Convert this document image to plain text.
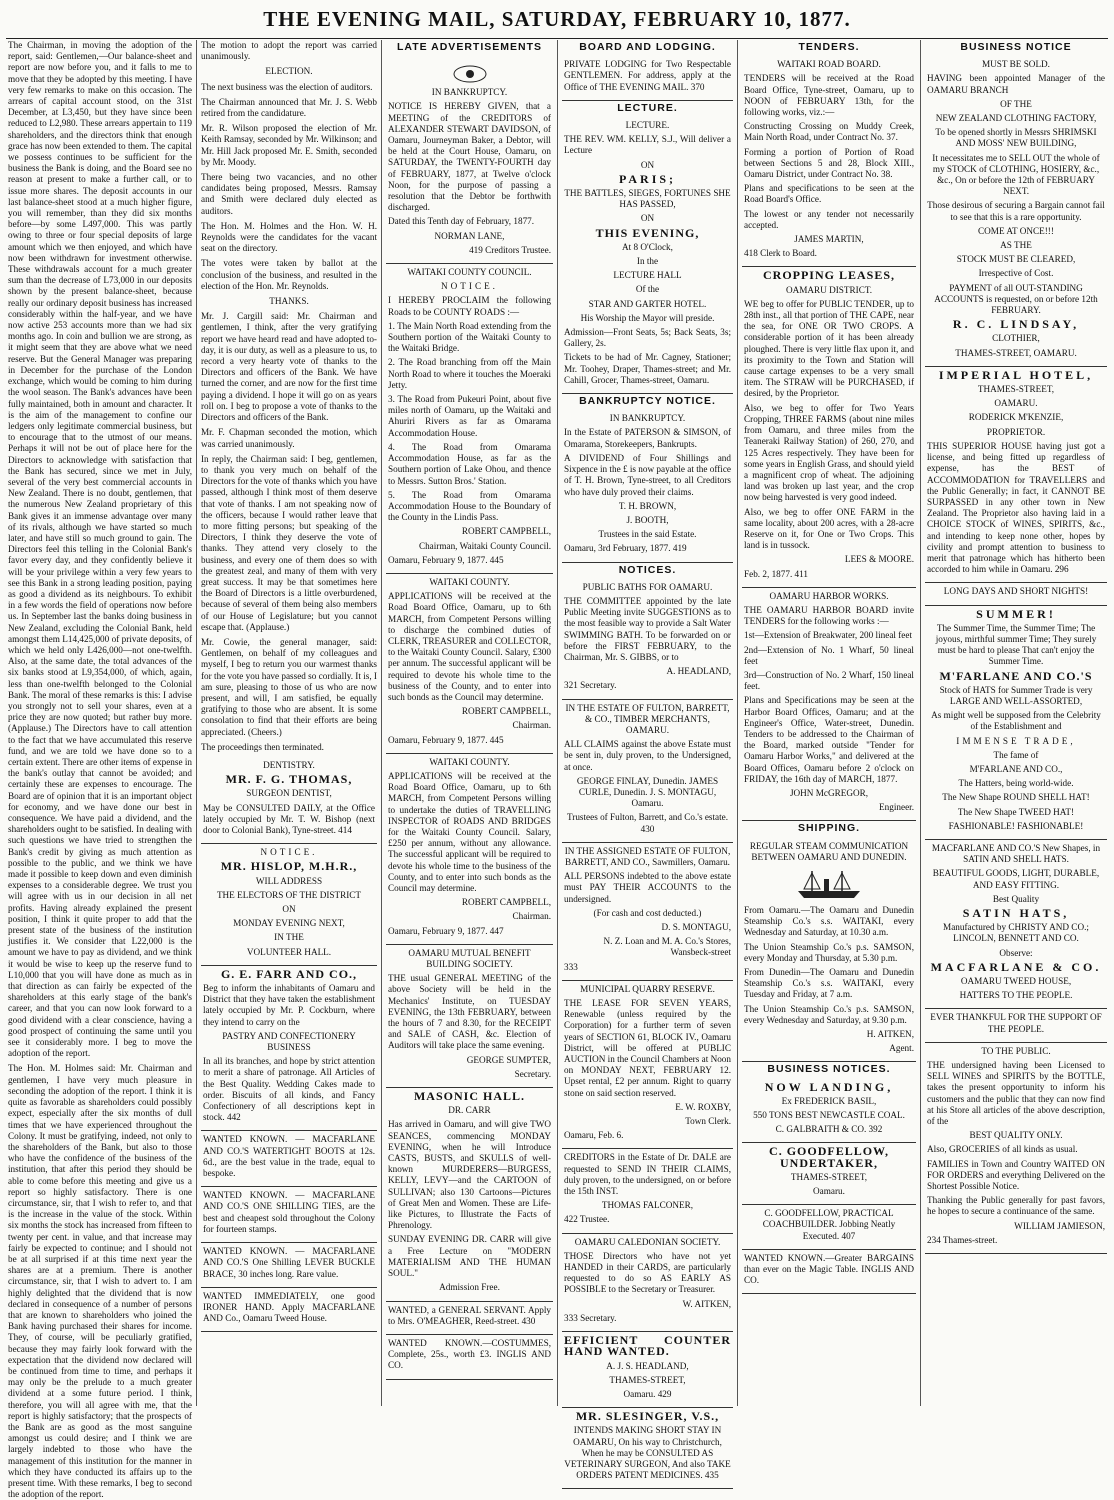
THE EVENING MAIL, SATURDAY, FEBRUARY 10, 1877.

The Chairman, in moving the adoption of the report, said: Gentlemen,—Our balance-sheet and report are now before you, and it falls to me to move that they be adopted by this meeting. I have very few remarks to make on this occasion. The arrears of capital account stood, on the 31st December, at L3,450, but they have since been reduced to L2,980. These arrears appertain to 119 shareholders, and the directors think that enough grace has now been extended to them. The capital we possess continues to be sufficient for the business the Bank is doing, and the Board see no reason at present to make a further call, or to issue more shares. The deposit accounts in our last balance-sheet stood at a much higher figure, you will remember, than they did six months before—by some L497,000. This was partly owing to three or four special deposits of large amount which we then enjoyed, and which have now been withdrawn for investment otherwise. These withdrawals account for a much greater sum than the decrease of L73,000 in our deposits shown by the present balance-sheet, because really our ordinary deposit business has increased considerably within the half-year, and we have now active 253 accounts more than we had six months ago. In coin and bullion we are strong, as it might seem that they are above what we need reserve. But the General Manager was preparing in December for the purchase of the London exchange, which would be coming to him during the wool season. The Bank's advances have been fully maintained, both in amount and character. It is the aim of the management to confine our ledgers only legitimate commercial business, but to encourage that to the utmost of our means. Perhaps it will not be out of place here for the Directors to acknowledge with satisfaction that the Bank has secured, since we met in July, several of the very best commercial accounts in New Zealand. There is no doubt, gentlemen, that the numerous New Zealand proprietary of this Bank gives it an immense advantage over many of its rivals, although we have started so much later, and have still so much ground to gain. The Directors feel this telling in the Colonial Bank's favor every day, and they confidently believe it will be your privilege within a very few years to see this Bank in a strong leading position, paying as good a dividend as its neighbours. To exhibit in a few words the field of operations now before us. In September last the banks doing business in New Zealand, excluding the Colonial Bank, held amongst them L14,425,000 of private deposits, of which we held only L426,000—not one-twelfth. Also, at the same date, the total advances of the six banks stood at L9,354,000, of which, again, less than one-twelfth belonged to the Colonial Bank. The moral of these remarks is this: I advise you strongly not to sell your shares, even at a price they are now quoted; but rather buy more. (Applause.) The Directors have to call attention to the fact that we have accumulated this reserve fund, and we are told we have done so to a certain extent. There are other items of expense in the bank's outlay that cannot be avoided; and certainly these are expenses to encourage. The Board are of opinion that it is an important object for economy, and we have done our best in consequence. We have paid a dividend, and the shareholders ought to be satisfied. In dealing with such questions we have tried to strengthen the Bank's credit by giving as much attention as possible to the public, and we think we have made it possible to keep down and even diminish expenses to a considerable degree. We trust you will agree with us in our decision in all net profits. Having already explained the present position, I think it quite proper to add that the present state of the business of the institution justifies it. We consider that L22,000 is the amount we have to pay as dividend, and we think it would be wise to keep up the reserve fund to L10,000 that you will have done as much as in that direction as can fairly be expected of the shareholders at this early stage of the bank's career, and that you can now look forward to a good dividend with a clear conscience, having a good prospect of continuing the same until you see it considerably more. I beg to move the adoption of the report.

The Hon. M. Holmes said: Mr. Chairman and gentlemen, I have very much pleasure in seconding the adoption of the report. I think it is quite as favorable as shareholders could possibly expect, especially after the six months of dull times that we have experienced throughout the Colony. It must be gratifying, indeed, not only to the shareholders of the Bank, but also to those who have the confidence of the business of the institution, that after this period they should be able to come before this meeting and give us a report so highly satisfactory. There is one circumstance, sir, that I wish to refer to, and that is the increase in the value of the stock. Within six months the stock has increased from fifteen to twenty per cent. in value, and that increase may fairly be expected to continue; and I should not be at all surprised if at this time next year the shares are at a premium. There is another circumstance, sir, that I wish to advert to. I am highly delighted that the dividend that is now declared in consequence of a number of persons that are known to shareholders who joined the Bank having purchased their shares for income. They, of course, will be peculiarly gratified, because they may fairly look forward with the expectation that the dividend now declared will be continued from time to time, and perhaps it may only be the prelude to a much greater dividend at a some future period. I think, therefore, you will all agree with me, that the report is highly satisfactory; that the prospects of the Bank are as good as the most sanguine amongst us could desire; and I think we are largely indebted to those who have the management of this institution for the manner in which they have conducted its affairs up to the present time. With these remarks, I beg to second the adoption of the report.

The motion to adopt the report was carried unanimously.

ELECTION.

The next business was the election of auditors.

The Chairman announced that Mr. J. S. Webb retired from the candidature.

Mr. R. Wilson proposed the election of Mr. Keith Ramsay, seconded by Mr. Wilkinson; and Mr. Hill Jack proposed Mr. E. Smith, seconded by Mr. Moody.

There being two vacancies, and no other candidates being proposed, Messrs. Ramsay and Smith were declared duly elected as auditors.

The Hon. M. Holmes and the Hon. W. H. Reynolds were the candidates for the vacant seat on the directory.

The votes were taken by ballot at the conclusion of the business, and resulted in the election of the Hon. Mr. Reynolds.

THANKS.

Mr. J. Cargill said: Mr. Chairman and gentlemen, I think, after the very gratifying report we have heard read and have adopted to-day, it is our duty, as well as a pleasure to us, to record a very hearty vote of thanks to the Directors and officers of the Bank. We have turned the corner, and are now for the first time paying a dividend. I hope it will go on as years roll on. I beg to propose a vote of thanks to the Directors and officers of the Bank.

Mr. F. Chapman seconded the motion, which was carried unanimously.

In reply, the Chairman said: I beg, gentlemen, to thank you very much on behalf of the Directors for the vote of thanks which you have passed, although I think most of them deserve that vote of thanks. I am not speaking now of the officers, because I would rather leave that to more fitting persons; but speaking of the Directors, I think they deserve the vote of thanks. They attend very closely to the business, and every one of them does so with the greatest zeal, and many of them with very great success. It may be that sometimes here the Board of Directors is a little overburdened, because of several of them being also members of our House of Legislature; but you cannot escape that. (Applause.)

Mr. Cowie, the general manager, said: Gentlemen, on behalf of my colleagues and myself, I beg to return you our warmest thanks for the vote you have passed so cordially. It is, I am sure, pleasing to those of us who are now present, and will, I am satisfied, be equally gratifying to those who are absent. It is some consolation to find that their efforts are being appreciated. (Cheers.)

The proceedings then terminated.

DENTISTRY.

MR. F. G. THOMAS,

SURGEON DENTIST,

May be CONSULTED DAILY, at the Office lately occupied by Mr. T. W. Bishop (next door to Colonial Bank), Tyne-street. 414

NOTICE.

MR. HISLOP, M.H.R.,

WILL ADDRESS

THE ELECTORS OF THE DISTRICT

ON

MONDAY EVENING NEXT,

IN THE

VOLUNTEER HALL.

G. E. FARR AND CO.,

Beg to inform the inhabitants of Oamaru and District that they have taken the establishment lately occupied by Mr. P. Cockburn, where they intend to carry on the

PASTRY AND CONFECTIONERY BUSINESS

In all its branches, and hope by strict attention to merit a share of patronage. All Articles of the Best Quality. Wedding Cakes made to order. Biscuits of all kinds, and Fancy Confectionery of all descriptions kept in stock. 442

WANTED KNOWN. — MACFARLANE AND CO.'S WATERTIGHT BOOTS at 12s. 6d., are the best value in the trade, equal to bespoke.

WANTED KNOWN. — MACFARLANE AND CO.'S ONE SHILLING TIES, are the best and cheapest sold throughout the Colony for fourteen stamps.

WANTED KNOWN. — MACFARLANE AND CO.'S One Shilling LEVER BUCKLE BRACE, 30 inches long. Rare value.

WANTED IMMEDIATELY, one good IRONER HAND. Apply MACFARLANE AND Co., Oamaru Tweed House.

LATE ADVERTISEMENTS

IN BANKRUPTCY.

NOTICE IS HEREBY GIVEN, that a MEETING of the CREDITORS of ALEXANDER STEWART DAVIDSON, of Oamaru, Journeyman Baker, a Debtor, will be held at the Court House, Oamaru, on SATURDAY, the TWENTY-FOURTH day of FEBRUARY, 1877, at Twelve o'clock Noon, for the purpose of passing a resolution that the Debtor be forthwith discharged.

Dated this Tenth day of February, 1877.

NORMAN LANE,

419 Creditors Trustee.

WAITAKI COUNTY COUNCIL.

NOTICE.

I HEREBY PROCLAIM the following Roads to be COUNTY ROADS :—

1. The Main North Road extending from the Southern portion of the Waitaki County to the Waitaki Bridge.

2. The Road branching from off the Main North Road to where it touches the Moeraki Jetty.

3. The Road from Pukeuri Point, about five miles north of Oamaru, up the Waitaki and Ahuriri Rivers as far as Omarama Accommodation House.

4. The Road from Omarama Accommodation House, as far as the Southern portion of Lake Ohou, and thence to Messrs. Sutton Bros.' Station.

5. The Road from Omarama Accommodation House to the Boundary of the County in the Lindis Pass.

ROBERT CAMPBELL,

Chairman, Waitaki County Council.

Oamaru, February 9, 1877. 445

WAITAKI COUNTY.

APPLICATIONS will be received at the Road Board Office, Oamaru, up to 6th MARCH, from Competent Persons willing to discharge the combined duties of CLERK, TREASURER and COLLECTOR, to the Waitaki County Council. Salary, £300 per annum. The successful applicant will be required to devote his whole time to the business of the County, and to enter into such bonds as the Council may determine.

ROBERT CAMPBELL,

Chairman.

Oamaru, February 9, 1877. 445

WAITAKI COUNTY.

APPLICATIONS will be received at the Road Board Office, Oamaru, up to 6th MARCH, from Competent Persons willing to undertake the duties of TRAVELLING INSPECTOR of ROADS AND BRIDGES for the Waitaki County Council. Salary, £250 per annum, without any allowance. The successful applicant will be required to devote his whole time to the business of the County, and to enter into such bonds as the Council may determine.

ROBERT CAMPBELL,

Chairman.

Oamaru, February 9, 1877. 447

OAMARU MUTUAL BENEFIT BUILDING SOCIETY.

THE usual GENERAL MEETING of the above Society will be held in the Mechanics' Institute, on TUESDAY EVENING, the 13th FEBRUARY, between the hours of 7 and 8.30, for the RECEIPT and SALE of CASH, &c. Election of Auditors will take place the same evening.

GEORGE SUMPTER,

Secretary.

MASONIC HALL.

DR. CARR

Has arrived in Oamaru, and will give TWO SEANCES, commencing MONDAY EVENING, when he will Introduce CASTS, BUSTS, and SKULLS of well-known MURDERERS—BURGESS, KELLY, LEVY—and the CARTOON of SULLIVAN; also 130 Cartoons—Pictures of Great Men and Women. These are Life-like Pictures, to Illustrate the Facts of Phrenology.

SUNDAY EVENING DR. CARR will give a Free Lecture on "MODERN MATERIALISM AND THE HUMAN SOUL."

Admission Free.

WANTED, a GENERAL SERVANT. Apply to Mrs. O'MEAGHER, Reed-street. 430

WANTED KNOWN.—COSTUMMES, Complete, 25s., worth £3. INGLIS AND CO.

BOARD AND LODGING.

PRIVATE LODGING for Two Respectable GENTLEMEN. For address, apply at the Office of THE EVENING MAIL. 370

LECTURE.

LECTURE.

THE REV. WM. KELLY, S.J., Will deliver a Lecture

ON

PARIS;

THE BATTLES, SIEGES, FORTUNES SHE HAS PASSED,

ON

THIS EVENING,

At 8 O'Clock,

In the

LECTURE HALL

Of the

STAR AND GARTER HOTEL.

His Worship the Mayor will preside.

Admission—Front Seats, 5s; Back Seats, 3s; Gallery, 2s.

Tickets to be had of Mr. Cagney, Stationer; Mr. Toohey, Draper, Thames-street; and Mr. Cahill, Grocer, Thames-street, Oamaru.

BANKRUPTCY NOTICE.

IN BANKRUPTCY.

In the Estate of PATERSON & SIMSON, of Omarama, Storekeepers, Bankrupts.

A DIVIDEND of Four Shillings and Sixpence in the £ is now payable at the office of T. H. Brown, Tyne-street, to all Creditors who have duly proved their claims.

T. H. BROWN,

J. BOOTH,

Trustees in the said Estate.

Oamaru, 3rd February, 1877. 419

NOTICES.

PUBLIC BATHS FOR OAMARU.

THE COMMITTEE appointed by the late Public Meeting invite SUGGESTIONS as to the most feasible way to provide a Salt Water SWIMMING BATH. To be forwarded on or before the FIRST FEBRUARY, to the Chairman, Mr. S. GIBBS, or to

A. HEADLAND,

321 Secretary.

IN THE ESTATE OF FULTON, BARRETT, & CO., TIMBER MERCHANTS, OAMARU.

ALL CLAIMS against the above Estate must be sent in, duly proven, to the Undersigned, at once.

GEORGE FINLAY, Dunedin. JAMES CURLE, Dunedin. J. S. MONTAGU, Oamaru.

Trustees of Fulton, Barrett, and Co.'s estate. 430

IN THE ASSIGNED ESTATE OF FULTON, BARRETT, AND CO., Sawmillers, Oamaru.

ALL PERSONS indebted to the above estate must PAY THEIR ACCOUNTS to the undersigned.

(For cash and cost deducted.)

D. S. MONTAGU,

N. Z. Loan and M. A. Co.'s Stores, Wansbeck-street

333

MUNICIPAL QUARRY RESERVE.

THE LEASE FOR SEVEN YEARS, Renewable (unless required by the Corporation) for a further term of seven years of SECTION 61, BLOCK IV., Oamaru District, will be offered at PUBLIC AUCTION in the Council Chambers at Noon on MONDAY NEXT, FEBRUARY 12. Upset rental, £2 per annum. Right to quarry stone on said section reserved.

E. W. ROXBY,

Town Clerk.

Oamaru, Feb. 6.

CREDITORS in the Estate of Dr. DALE are requested to SEND IN THEIR CLAIMS, duly proven, to the undersigned, on or before the 15th INST.

THOMAS FALCONER,

422 Trustee.

OAMARU CALEDONIAN SOCIETY.

THOSE Directors who have not yet HANDED in their CARDS, are particularly requested to do so AS EARLY AS POSSIBLE to the Secretary or Treasurer.

W. AITKEN,

333 Secretary.

EFFICIENT COUNTER HAND WANTED.

A. J. S. HEADLAND,

THAMES-STREET,

Oamaru. 429

MR. SLESINGER, V.S.,

INTENDS MAKING SHORT STAY IN OAMARU, On his way to Christchurch, When he may be CONSULTED AS VETERINARY SURGEON, And also TAKE ORDERS PATENT MEDICINES. 435

TENDERS.

WAITAKI ROAD BOARD.

TENDERS will be received at the Road Board Office, Tyne-street, Oamaru, up to NOON of FEBRUARY 13th, for the following works, viz.:—

Constructing Crossing on Muddy Creek, Main North Road, under Contract No. 37.

Forming a portion of Portion of Road between Sections 5 and 28, Block XIII., Oamaru District, under Contract No. 38.

Plans and specifications to be seen at the Road Board's Office.

The lowest or any tender not necessarily accepted.

JAMES MARTIN,

418 Clerk to Board.

CROPPING LEASES,

OAMARU DISTRICT.

WE beg to offer for PUBLIC TENDER, up to 28th inst., all that portion of THE CAPE, near the sea, for ONE OR TWO CROPS. A considerable portion of it has been already ploughed. There is very little flax upon it, and its proximity to the Town and Station will cause cartage expenses to be a very small item. The STRAW will be PURCHASED, if desired, by the Proprietor.

Also, we beg to offer for Two Years Cropping, THREE FARMS (about nine miles from Oamaru, and three miles from the Teaneraki Railway Station) of 260, 270, and 125 Acres respectively. They have been for some years in English Grass, and should yield a magnificent crop of wheat. The adjoining land was broken up last year, and the crop now being harvested is very good indeed.

Also, we beg to offer ONE FARM in the same locality, about 200 acres, with a 28-acre Reserve on it, for One or Two Crops. This land is in tussock.

LEES & MOORE.

Feb. 2, 1877. 411

OAMARU HARBOR WORKS.

THE OAMARU HARBOR BOARD invite TENDERS for the following works :—

1st—Extension of Breakwater, 200 lineal feet

2nd—Extension of No. 1 Wharf, 50 lineal feet

3rd—Construction of No. 2 Wharf, 150 lineal feet.

Plans and Specifications may be seen at the Harbor Board Offices, Oamaru; and at the Engineer's Office, Water-street, Dunedin. Tenders to be addressed to the Chairman of the Board, marked outside "Tender for Oamaru Harbor Works," and delivered at the Board Offices, Oamaru before 2 o'clock on FRIDAY, the 16th day of MARCH, 1877.

JOHN McGREGOR,

Engineer.

SHIPPING.

REGULAR STEAM COMMUNICATION BETWEEN OAMARU AND DUNEDIN.

From Oamaru.—The Oamaru and Dunedin Steamship Co.'s s.s. WAITAKI, every Wednesday and Saturday, at 10.30 a.m.

The Union Steamship Co.'s p.s. SAMSON, every Monday and Thursday, at 5.30 p.m.

From Dunedin—The Oamaru and Dunedin Steamship Co.'s s.s. WAITAKI, every Tuesday and Friday, at 7 a.m.

The Union Steamship Co.'s p.s. SAMSON, every Wednesday and Saturday, at 9.30 p.m.

H. AITKEN,

Agent.

BUSINESS NOTICES.

NOW LANDING,

Ex FREDERICK BASIL,

550 TONS BEST NEWCASTLE COAL.

C. GALBRAITH & CO. 392

C. GOODFELLOW, UNDERTAKER,

THAMES-STREET,

Oamaru.

C. GOODFELLOW, PRACTICAL COACHBUILDER. Jobbing Neatly Executed. 407

WANTED KNOWN.—Greater BARGAINS than ever on the Magic Table. INGLIS AND CO.

BUSINESS NOTICE

MUST BE SOLD.

HAVING been appointed Manager of the OAMARU BRANCH

OF THE

NEW ZEALAND CLOTHING FACTORY,

To be opened shortly in Messrs SHRIMSKI AND MOSS' NEW BUILDING,

It necessitates me to SELL OUT the whole of my STOCK of CLOTHING, HOSIERY, &c., &c., On or before the 12th of FEBRUARY NEXT.

Those desirous of securing a Bargain cannot fail to see that this is a rare opportunity.

COME AT ONCE!!!

AS THE

STOCK MUST BE CLEARED,

Irrespective of Cost.

PAYMENT of all OUT-STANDING ACCOUNTS is requested, on or before 12th FEBRUARY.

R. C. LINDSAY,

CLOTHIER,

THAMES-STREET, OAMARU.

IMPERIAL HOTEL,

THAMES-STREET,

OAMARU.

RODERICK M'KENZIE,

PROPRIETOR.

THIS SUPERIOR HOUSE having just got a license, and being fitted up regardless of expense, has the BEST of ACCOMMODATION for TRAVELLERS and the Public Generally; in fact, it CANNOT BE SURPASSED in any other town in New Zealand. The Proprietor also having laid in a CHOICE STOCK of WINES, SPIRITS, &c., and intending to keep none other, hopes by civility and prompt attention to business to merit that patronage which has hitherto been accorded to him while in Oamaru. 296

LONG DAYS AND SHORT NIGHTS!

SUMMER!

The Summer Time, the Summer Time; The joyous, mirthful summer Time; They surely must be hard to please That can't enjoy the Summer Time.

M'FARLANE AND CO.'S

Stock of HATS for Summer Trade is very LARGE AND WELL-ASSORTED,

As might well be supposed from the Celebrity of the Establishment and

IMMENSE TRADE,

The fame of

M'FARLANE AND CO.,

The Hatters, being world-wide.

The New Shape ROUND SHELL HAT!

The New Shape TWEED HAT!

FASHIONABLE! FASHIONABLE!

MACFARLANE AND CO.'S New Shapes, in SATIN AND SHELL HATS.

BEAUTIFUL GOODS, LIGHT, DURABLE, AND EASY FITTING.

Best Quality

SATIN HATS,

Manufactured by CHRISTY AND CO.; LINCOLN, BENNETT AND CO.

Observe:

MACFARLANE & CO.

OAMARU TWEED HOUSE,

HATTERS TO THE PEOPLE.

EVER THANKFUL FOR THE SUPPORT OF THE PEOPLE.

TO THE PUBLIC.

THE undersigned having been Licensed to SELL WINES and SPIRITS by the BOTTLE, takes the present opportunity to inform his customers and the public that they can now find at his Store all articles of the above description, of the

BEST QUALITY ONLY.

Also, GROCERIES of all kinds as usual.

FAMILIES in Town and Country WAITED ON FOR ORDERS and everything Delivered on the Shortest Possible Notice.

Thanking the Public generally for past favors, he hopes to secure a continuance of the same.

WILLIAM JAMIESON,

234 Thames-street.
